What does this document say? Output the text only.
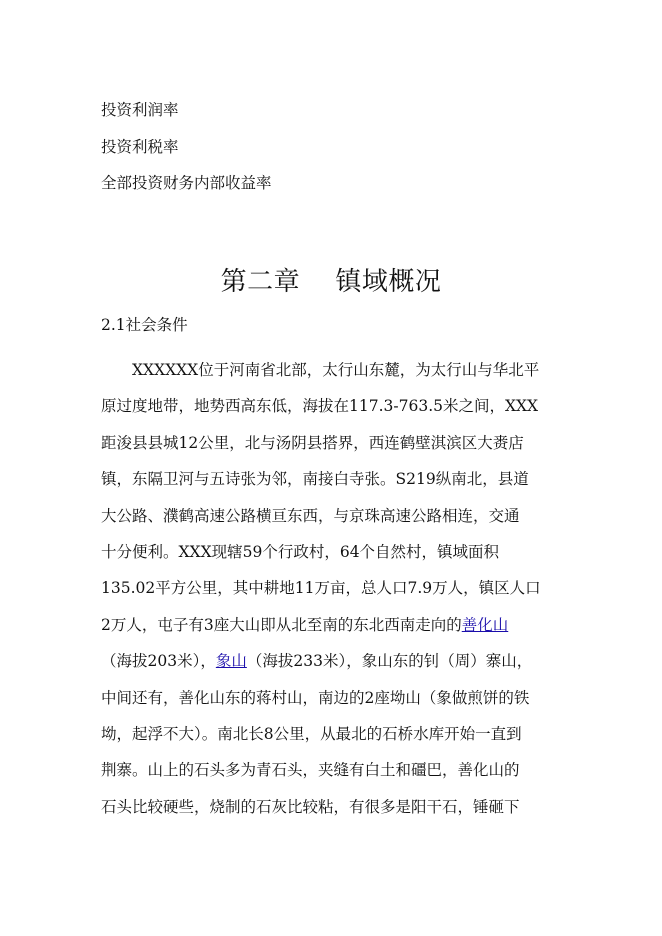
投资利润率
投资利税率
全部投资财务内部收益率
第二章　 镇域概况
2.1社会条件
XXXXXX位于河南省北部，太行山东麓，为太行山与华北平
原过度地带，地势西高东低，海拔在117.3-763.5米之间，XXX
距浚县县城12公里，北与汤阴县搭界，西连鹤壁淇滨区大赉店
镇，东隔卫河与五诗张为邻，南接白寺张。S219纵南北，县道
大公路、濮鹤高速公路横亘东西，与京珠高速公路相连，交通
十分便利。XXX现辖59个行政村，64个自然村，镇域面积
135.02平方公里，其中耕地11万亩，总人口7.9万人，镇区人口
2万人，屯子有3座大山即从北至南的东北西南走向的善化山
（海拔203米），象山（海拔233米），象山东的钊（周）寨山，
中间还有，善化山东的蒋村山，南边的2座坳山（象做煎饼的铁
坳，起浮不大）。南北长8公里，从最北的石桥水库开始一直到
荆寨。山上的石头多为青石头，夹缝有白土和礓巴，善化山的
石头比较硬些，烧制的石灰比较粘，有很多是阳干石，锤砸下
